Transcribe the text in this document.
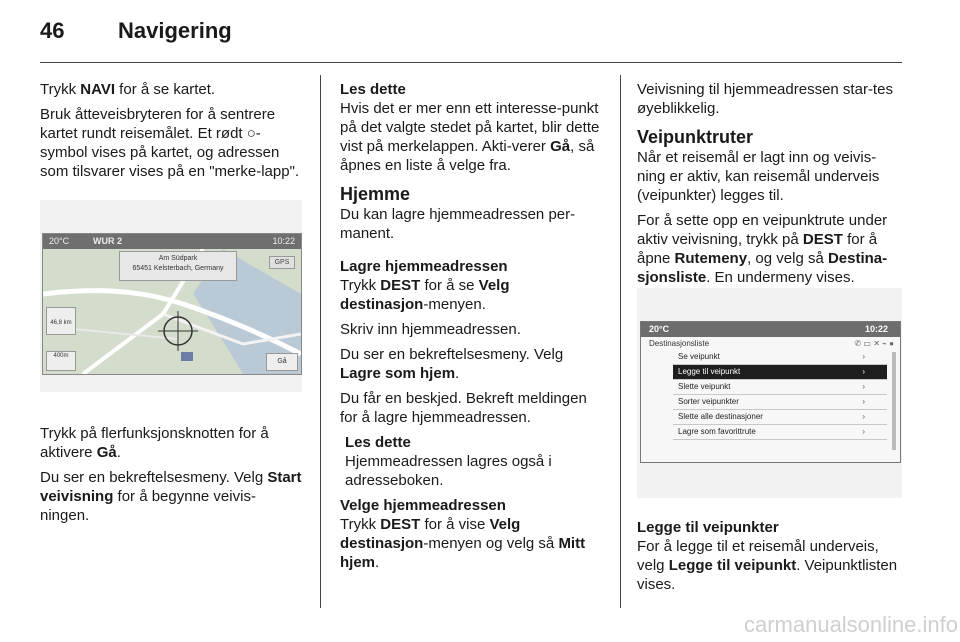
46 Navigering

Trykk NAVI for å se kartet.

Bruk åtteveisbryteren for å sentrere kartet rundt reisemålet. Et rødt ○-symbol vises på kartet, og adressen som tilsvarer vises på en "merke-lapp".

20°C	WUR 2	10:22
Am Südpark
65451 Kelsterbach, Germany
GPS

46,8 km
400m
Gå

Trykk på flerfunksjonsknotten for å aktivere Gå.

Du ser en bekreftelsesmeny. Velg Start veivisning for å begynne veivis-ningen.

Les dette

Hvis det er mer enn ett interesse-punkt på det valgte stedet på kartet, blir dette vist på merkelappen. Akti-verer Gå, så åpnes en liste å velge fra.

Hjemme

Du kan lagre hjemmeadressen per-manent.

Lagre hjemmeadressen

Trykk DEST for å se Velg destinasjon-menyen.

Skriv inn hjemmeadressen.

Du ser en bekreftelsesmeny. Velg Lagre som hjem.

Du får en beskjed. Bekreft meldingen for å lagre hjemmeadressen.

Les dette

Hjemmeadressen lagres også i adresseboken.

Velge hjemmeadressen

Trykk DEST for å vise Velg destinasjon-menyen og velg så Mitt hjem.

Veivisning til hjemmeadressen star-tes øyeblikkelig.

Veipunktruter

Når et reisemål er lagt inn og veivis-ning er aktiv, kan reisemål underveis (veipunkter) legges til.

For å sette opp en veipunktrute under aktiv veivisning, trykk på DEST for å åpne Rutemeny, og velg så Destina-sjonsliste. En undermeny vises.

20°C	10:22
Destinasjonsliste	✆ ▭ ✕ ⌁ ●
Se veipunkt	›
Legge til veipunkt	›
Slette veipunkt	›
Sorter veipunkter	›
Slette alle destinasjoner	›
Lagre som favorittrute	›
Legge til veipunkter

For å legge til et reisemål underveis, velg Legge til veipunkt. Veipunktlisten vises.

carmanualsonline.info
